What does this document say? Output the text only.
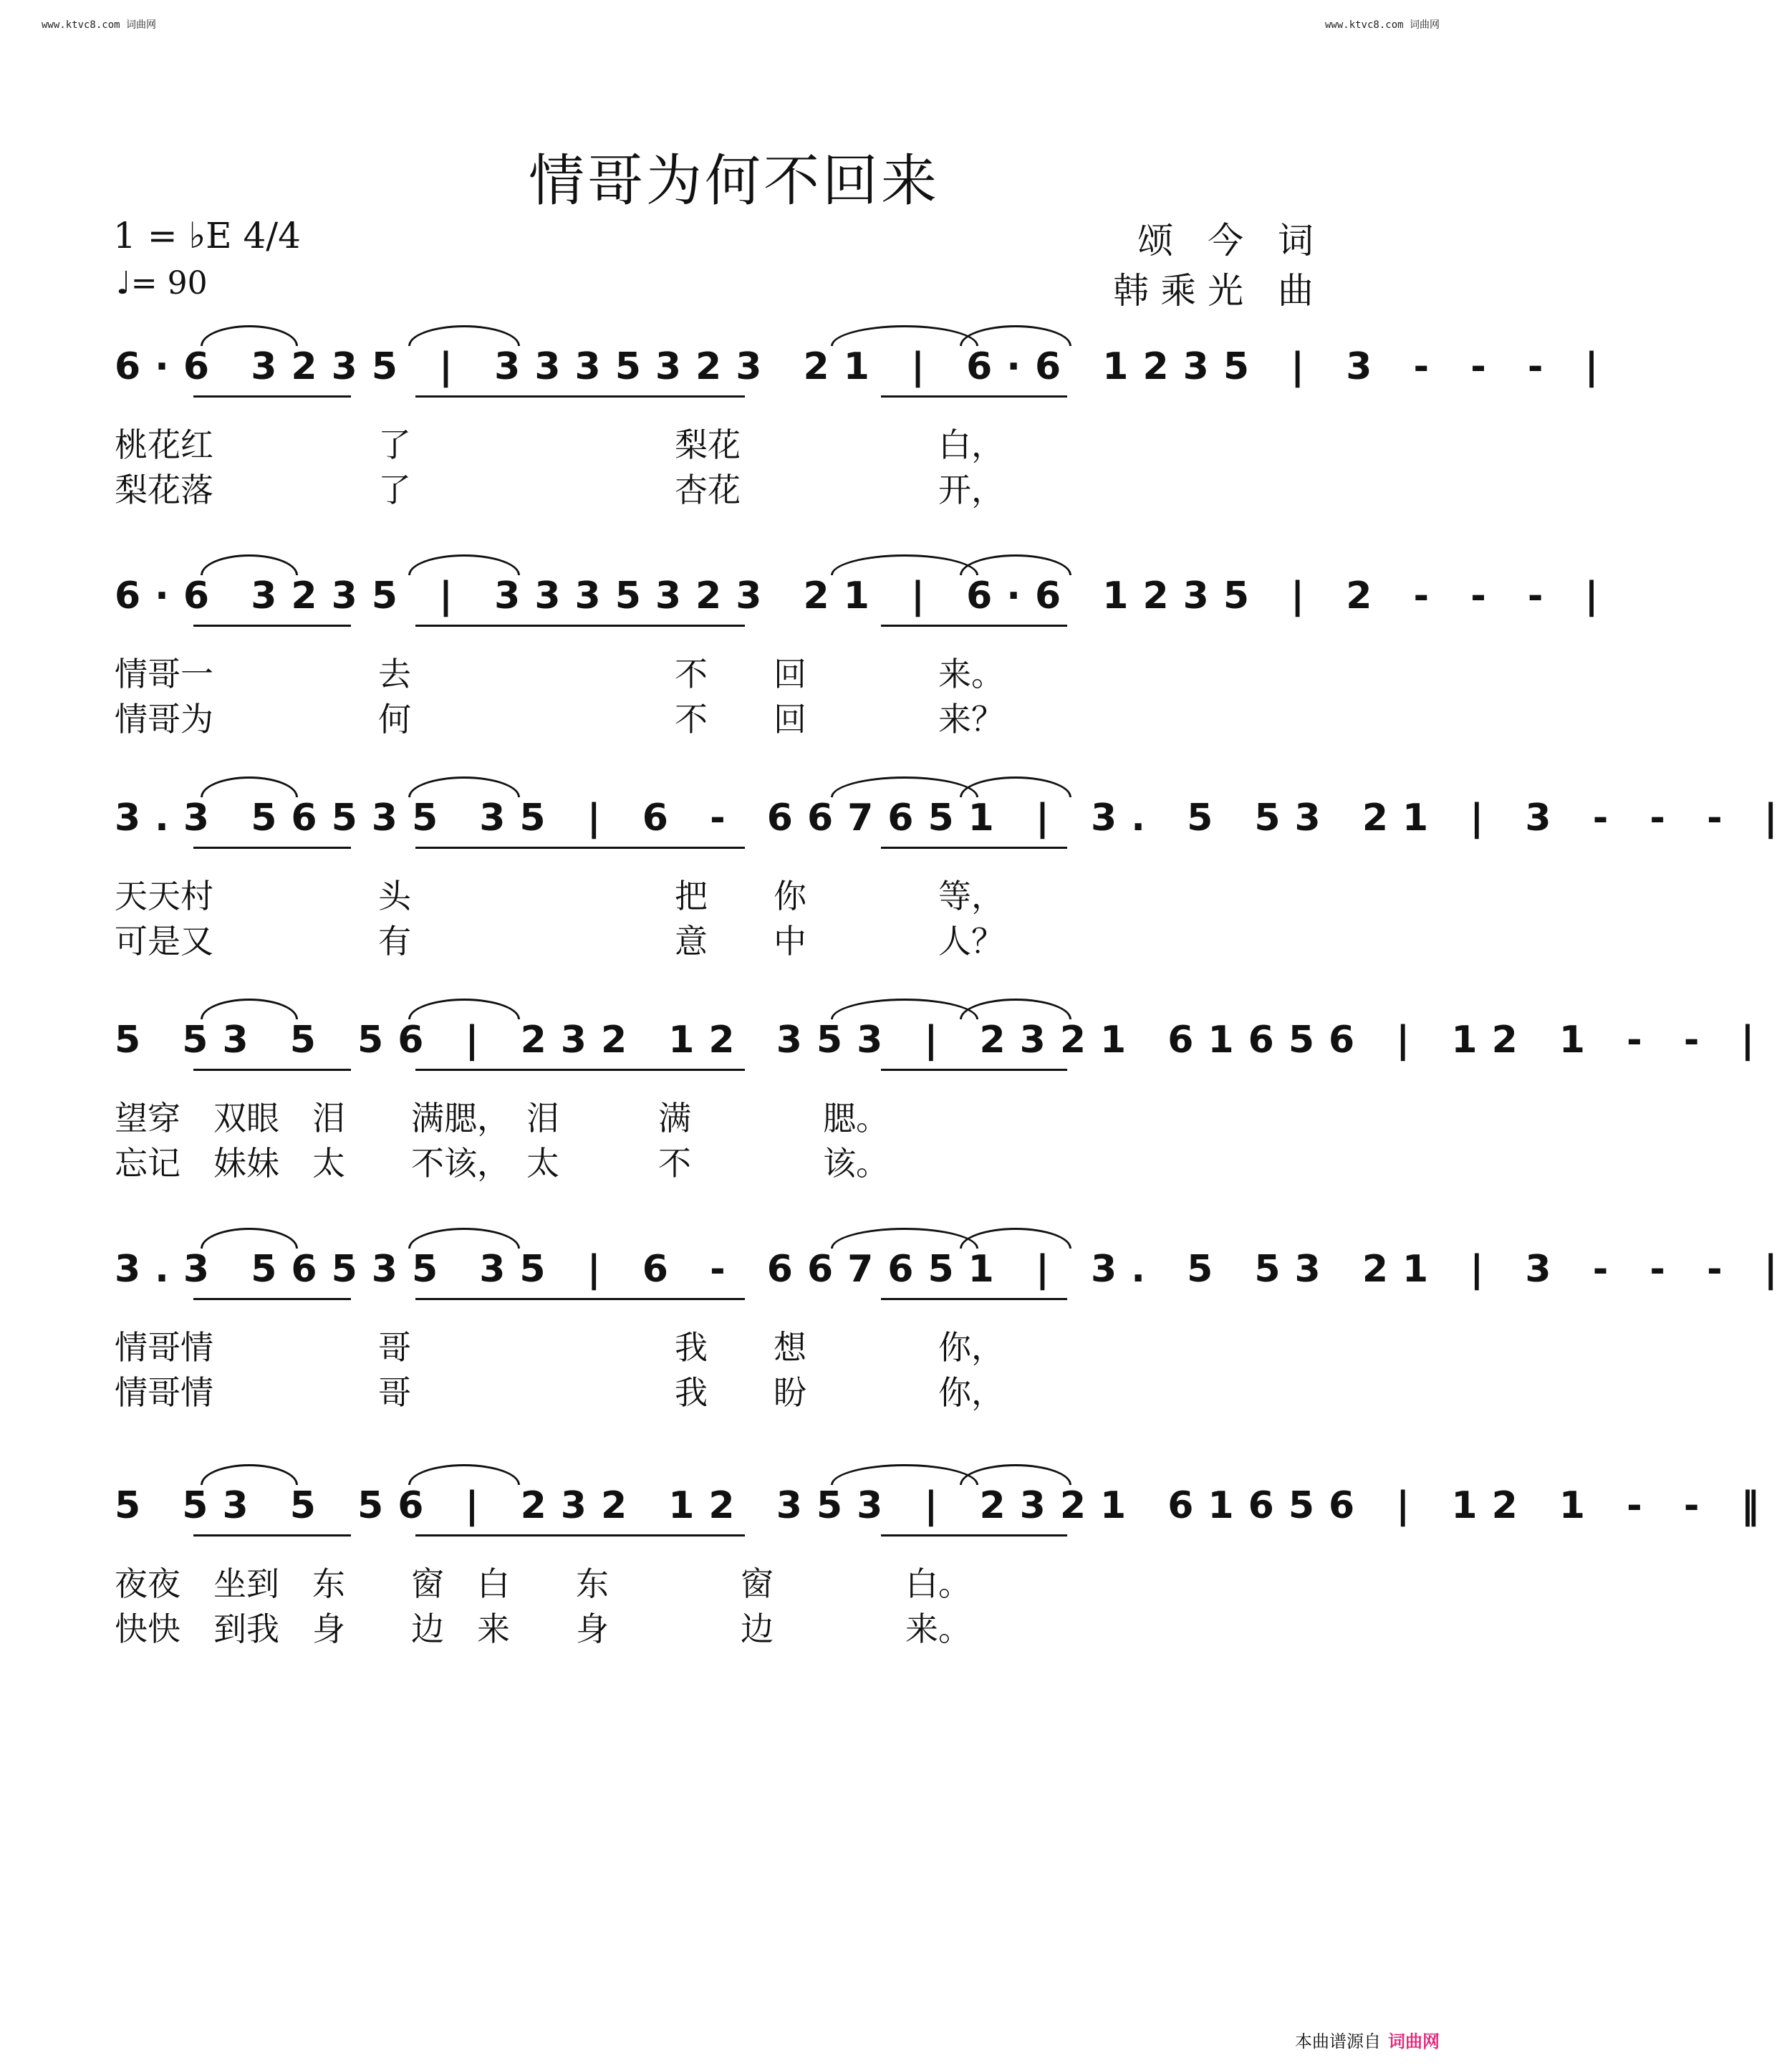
www.ktvc8.com 词曲网	www.ktvc8.com 词曲网
情哥为何不回来
1 = ♭E 4/4
♩= 90
颂 今 词
韩乘光 曲
6·6 3235 | 3335323 21 | 6·6 1235 | 3 - - - |
桃花红　　　　　了　　　　　　　　梨花　　　　　　白，
梨花落　　　　　了　　　　　　　　杏花　　　　　　开，
6·6 3235 | 3335323 21 | 6·6 1235 | 2 - - - |
情哥一　　　　　去　　　　　　　　不　　回　　　　来。
情哥为　　　　　何　　　　　　　　不　　回　　　　来？
3.3 56535 35 | 6 - 667651 | 3. 5 53 21 | 3 - - - |
天天村　　　　　头　　　　　　　　把　　你　　　　等，
可是又　　　　　有　　　　　　　　意　　中　　　　人？
5 53 5 56 | 232 12 353 | 2321 61656 | 12 1 - - |
望穿　双眼　泪　　满腮，　泪　　　满　　　　腮。
忘记　妹妹　太　　不该，　太　　　不　　　　该。
3.3 56535 35 | 6 - 667651 | 3. 5 53 21 | 3 - - - |
情哥情　　　　　哥　　　　　　　　我　　想　　　　你，
情哥情　　　　　哥　　　　　　　　我　　盼　　　　你，
5 53 5 56 | 232 12 353 | 2321 61656 | 12 1 - - ‖
夜夜　坐到　东　　窗　白　　东　　　　窗　　　　白。
快快　到我　身　　边　来　　身　　　　边　　　　来。
本曲谱源自 词曲网
